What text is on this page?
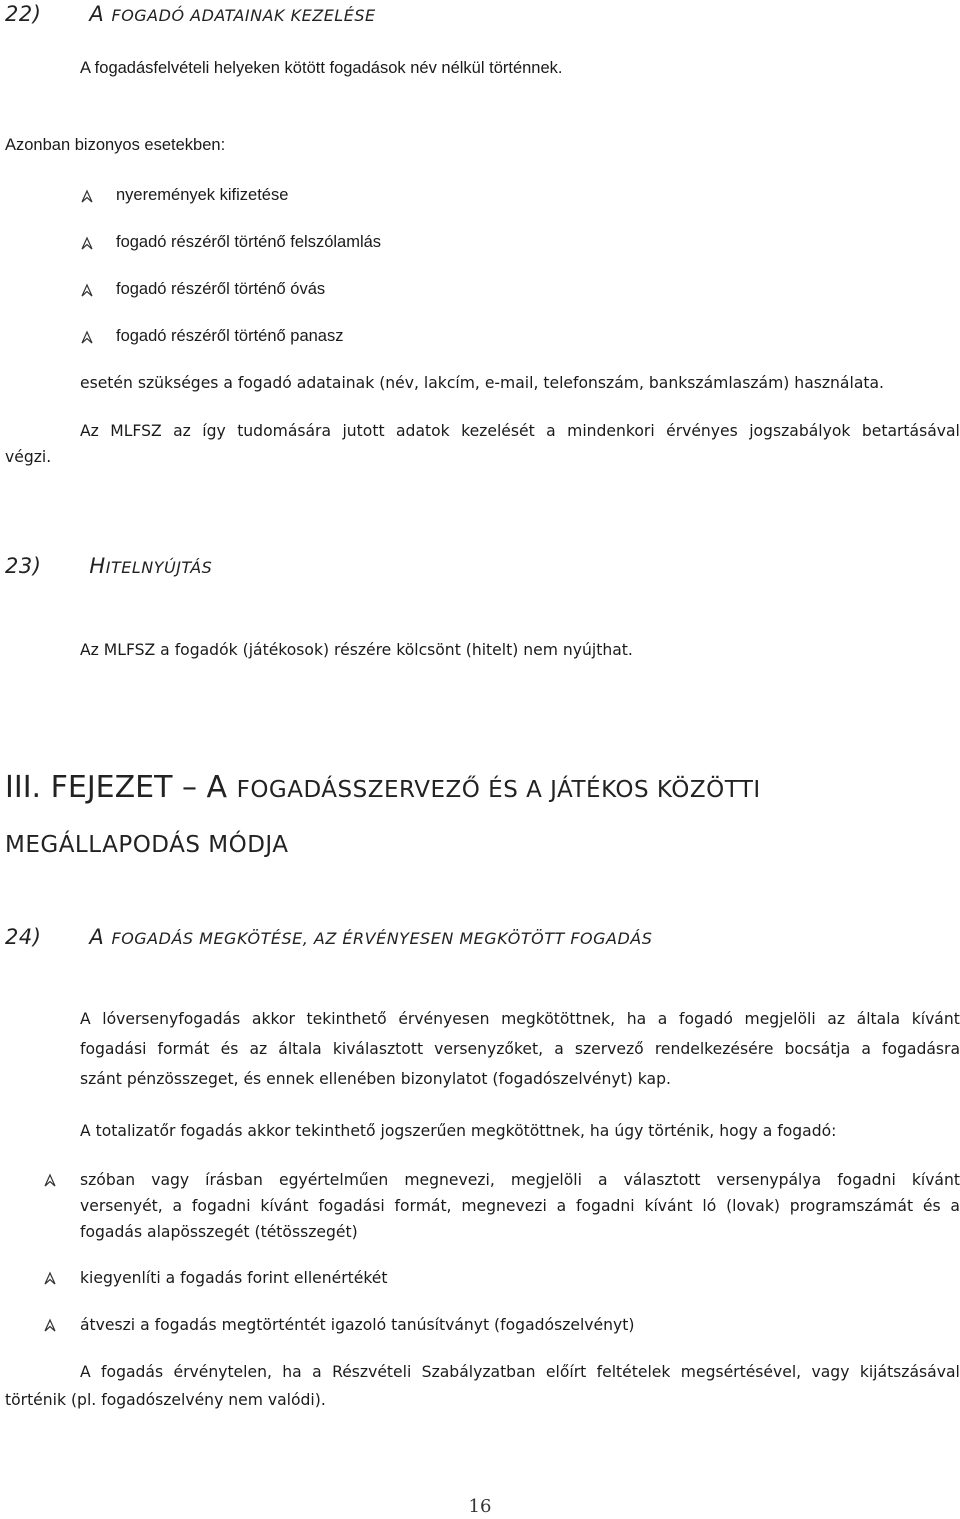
22) A FOGADÓ ADATAINAK KEZELÉSE
A fogadásfelvételi helyeken kötött fogadások név nélkül történnek.
Azonban bizonyos esetekben:
nyeremények kifizetése
fogadó részéről történő felszólamlás
fogadó részéről történő óvás
fogadó részéről történő panasz
esetén szükséges a fogadó adatainak (név, lakcím, e-mail, telefonszám, bankszámlaszám) használata.
Az MLFSZ az így tudomására jutott adatok kezelését a mindenkori érvényes jogszabályok betartásával
végzi.
23) HITELNYÚJTÁS
Az MLFSZ a fogadók (játékosok) részére kölcsönt (hitelt) nem nyújthat.
III. FEJEZET – A FOGADÁSSZERVEZŐ ÉS A JÁTÉKOS KÖZÖTTI
MEGÁLLAPODÁS MÓDJA
24) A FOGADÁS MEGKÖTÉSE, AZ ÉRVÉNYESEN MEGKÖTÖTT FOGADÁS
A lóversenyfogadás akkor tekinthető érvényesen megkötöttnek, ha a fogadó megjelöli az általa kívánt
fogadási formát és az általa kiválasztott versenyzőket, a szervező rendelkezésére bocsátja a fogadásra
szánt pénzösszeget, és ennek ellenében bizonylatot (fogadószelvényt) kap.
A totalizatőr fogadás akkor tekinthető jogszerűen megkötöttnek, ha úgy történik, hogy a fogadó:
szóban vagy írásban egyértelműen megnevezi, megjelöli a választott versenypálya fogadni kívánt
versenyét, a fogadni kívánt fogadási formát, megnevezi a fogadni kívánt ló (lovak) programszámát és a
fogadás alapösszegét (tétösszegét)
kiegyenlíti a fogadás forint ellenértékét
átveszi a fogadás megtörténtét igazoló tanúsítványt (fogadószelvényt)
A fogadás érvénytelen, ha a Részvételi Szabályzatban előírt feltételek megsértésével, vagy kijátszásával
történik (pl. fogadószelvény nem valódi).
16
